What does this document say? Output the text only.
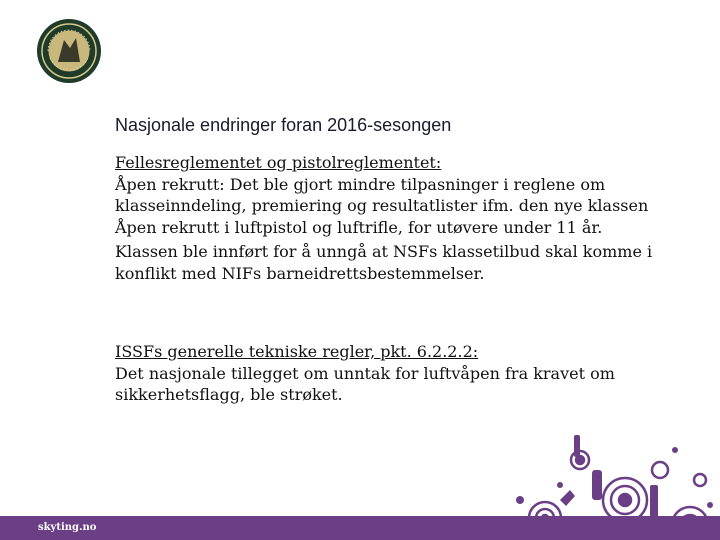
Nasjonale endringer foran 2016-sesongen

Fellesreglementet og pistolreglementet:

Åpen rekrutt: Det ble gjort mindre tilpasninger i reglene om klasseinndeling, premiering og resultatlister ifm. den nye klassen Åpen rekrutt i luftpistol og luftrifle, for utøvere under 11 år.

Klassen ble innført for å unngå at NSFs klassetilbud skal komme i konflikt med NIFs barneidrettsbestemmelser.

ISSFs generelle tekniske regler, pkt. 6.2.2.2:

Det nasjonale tillegget om unntak for luftvåpen fra kravet om sikkerhetsflagg, ble strøket.

skyting.no
